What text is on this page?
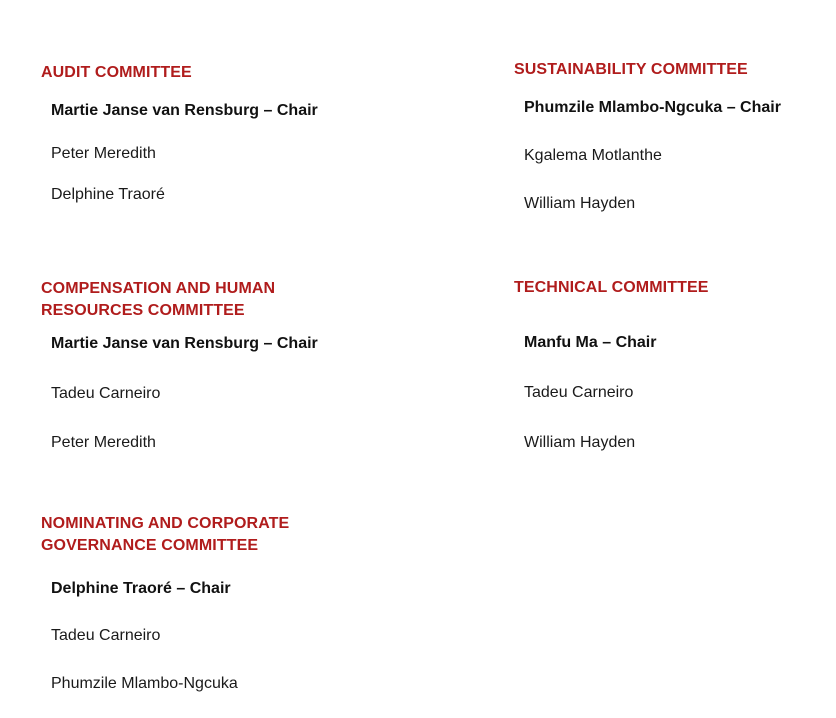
AUDIT COMMITTEE
Martie Janse van Rensburg – Chair
Peter Meredith
Delphine Traoré
SUSTAINABILITY COMMITTEE
Phumzile Mlambo-Ngcuka – Chair
Kgalema Motlanthe
William Hayden
COMPENSATION AND HUMAN
RESOURCES COMMITTEE
Martie Janse van Rensburg – Chair
Tadeu Carneiro
Peter Meredith
TECHNICAL COMMITTEE
Manfu Ma – Chair
Tadeu Carneiro
William Hayden
NOMINATING AND CORPORATE
GOVERNANCE COMMITTEE
Delphine Traoré – Chair
Tadeu Carneiro
Phumzile Mlambo-Ngcuka
